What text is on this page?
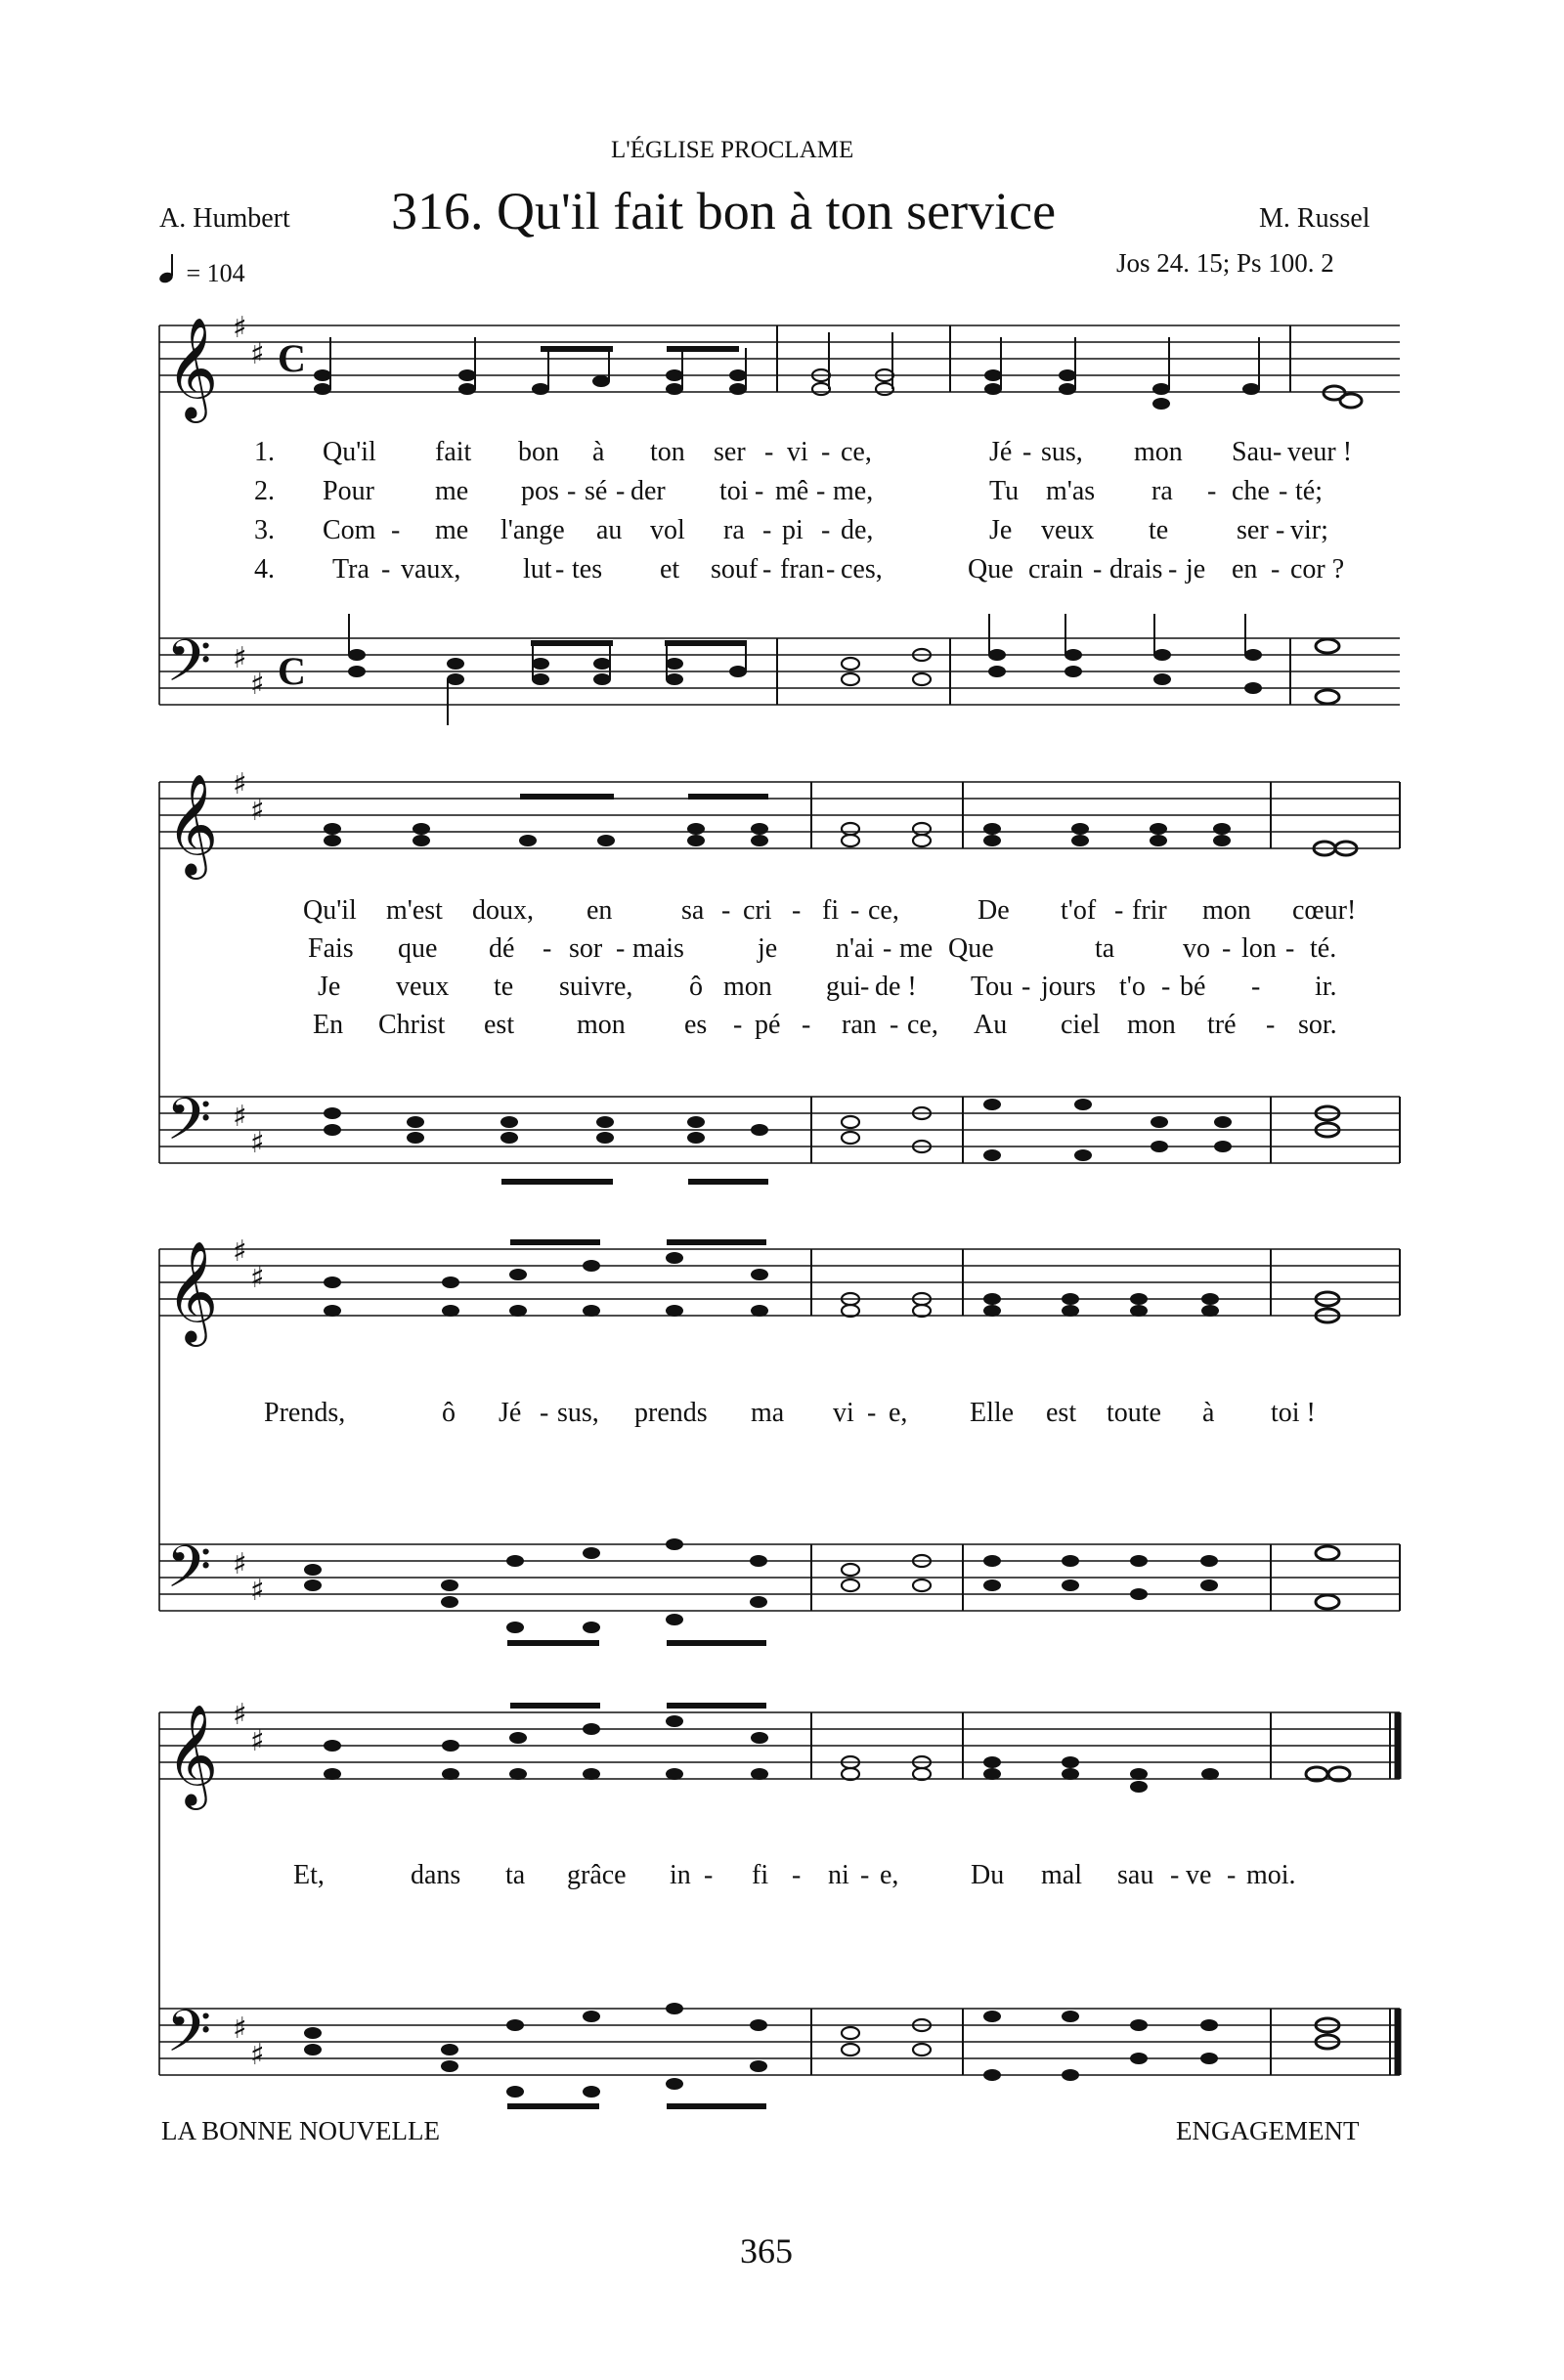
L'ÉGLISE PROCLAME
A. Humbert 316. Qu'il fait bon à ton service	M. Russel
= 104	Jos 24. 15; Ps 100. 2
𝄞
𝄞
𝄞
𝄞
𝄢
𝄢
𝄢
𝄢
♯
♯
♯
♯
♯
♯
♯
♯
♯
♯
♯
♯
♯
♯
♯
♯
C
C
1. Qu'il fait bon à ton ser - vi - ce,	Jé - sus, mon Sau - veur !
2. Pour me pos - sé - der toi - mê - me,	Tu m'as ra - che - té;
3. Com - me l'ange au vol ra - pi - de,	Je veux te ser - vir;
4. Tra - vaux, lut - tes et souf - fran - ces,	Que crain - drais - je en - cor ?
Qu'il m'est doux, en	sa - cri - fi - ce,	De t'of - frir mon cœur!
Fais que dé - sor - mais	je n'ai - me Que	ta vo - lon - té.
Je veux te suivre, ô mon gui - de ! Tou - jours t'o - bé - ir.
En Christ est mon es - pé - ran - ce, Au ciel mon tré - sor.
Prends,	ô Jé - sus, prends ma vi - e, Elle est toute à toi !
Et,	dans ta grâce in - fi - ni - e,	Du mal sau - ve - moi.
LA BONNE NOUVELLE	ENGAGEMENT
365
